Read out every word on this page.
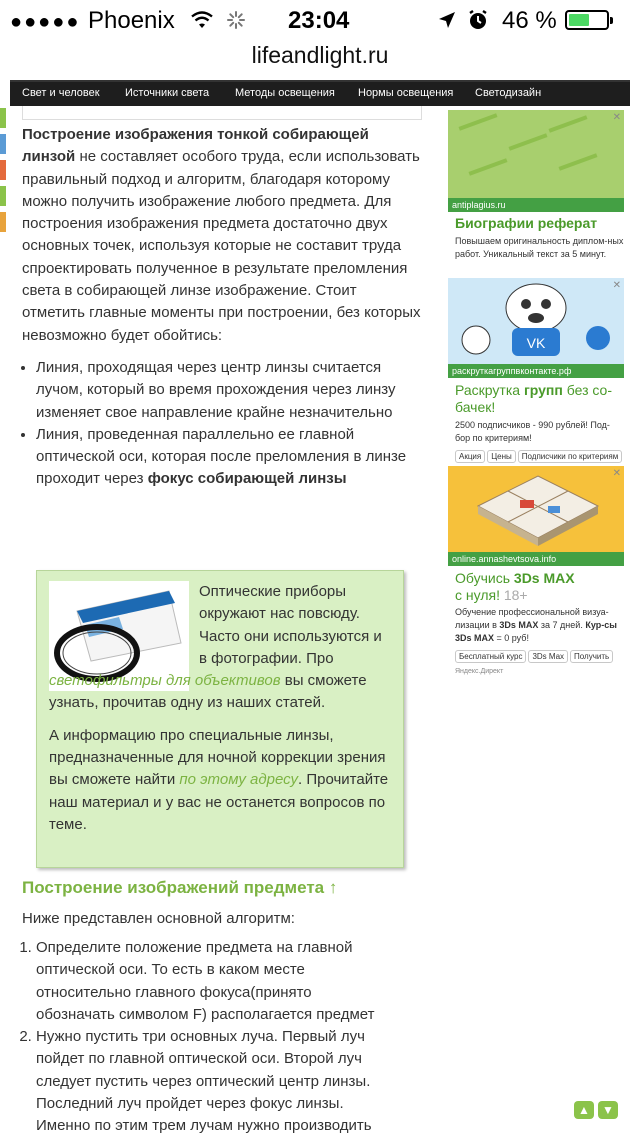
●●●●● Phoenix	23:04	46 %
lifeandlight.ru
Свет и человек Источники света Методы освещения Нормы освещения Светодизайн

Построение изображения тонкой собирающей линзой не составляет особого труда, если использовать правильный подход и алгоритм, благодаря которому можно получить изображение любого предмета. Для построения изображения предмета достаточно двух основных точек, используя которые не составит труда спроектировать полученное в результате преломления света в собирающей линзе изображение. Стоит отметить главные моменты при построении, без которых невозможно будет обойтись:

• Линия, проходящая через центр линзы считается лучом, который во время прохождения через линзу изменяет свое направление крайне незначительно
• Линия, проведенная параллельно ее главной оптической оси, которая после преломления в линзе проходит через фокус собирающей линзы

Оптические приборы окружают нас повсюду. Часто они используются и в фотографии. Про

светофильтры для объективов вы сможете узнать, прочитав одну из наших статей.

А информацию про специальные линзы, предназначенные для ночной коррекции зрения вы сможете найти по этому адресу. Прочитайте наш материал и у вас не останется вопросов по теме.

Построение изображений предмета ↑
Ниже представлен основной алгоритм:
1. Определите положение предмета на главной оптической оси. То есть в каком месте относительно главного фокуса(принято обозначать символом F) располагается предмет
2. Нужно пустить три основных луча. Первый луч пойдет по главной оптической оси. Второй луч следует пустить через оптический центр линзы. Последний луч пройдет через фокус линзы. Именно по этим трем лучам нужно производить
✕
antiplagius.ru
Биографии реферат
Повышаем оригинальность диплом-ных работ. Уникальный текст за 5 минут.
✕
VK
раскруткагруппвконтакте.рф
Раскрутка групп без со-бачек!
2500 подписчиков - 990 рублей! Под-бор по критериям!
Акция Цены Подписчики по критериям
✕
online.annashevtsova.info
Обучись 3Ds MAX
с нуля! 18+
Обучение профессиональной визуа-лизации в 3Ds MAX за 7 дней. Кур-сы 3Ds MAX = 0 руб!
Бесплатный курс 3Ds Max Получить
Яндекс.Директ
▲	▼
